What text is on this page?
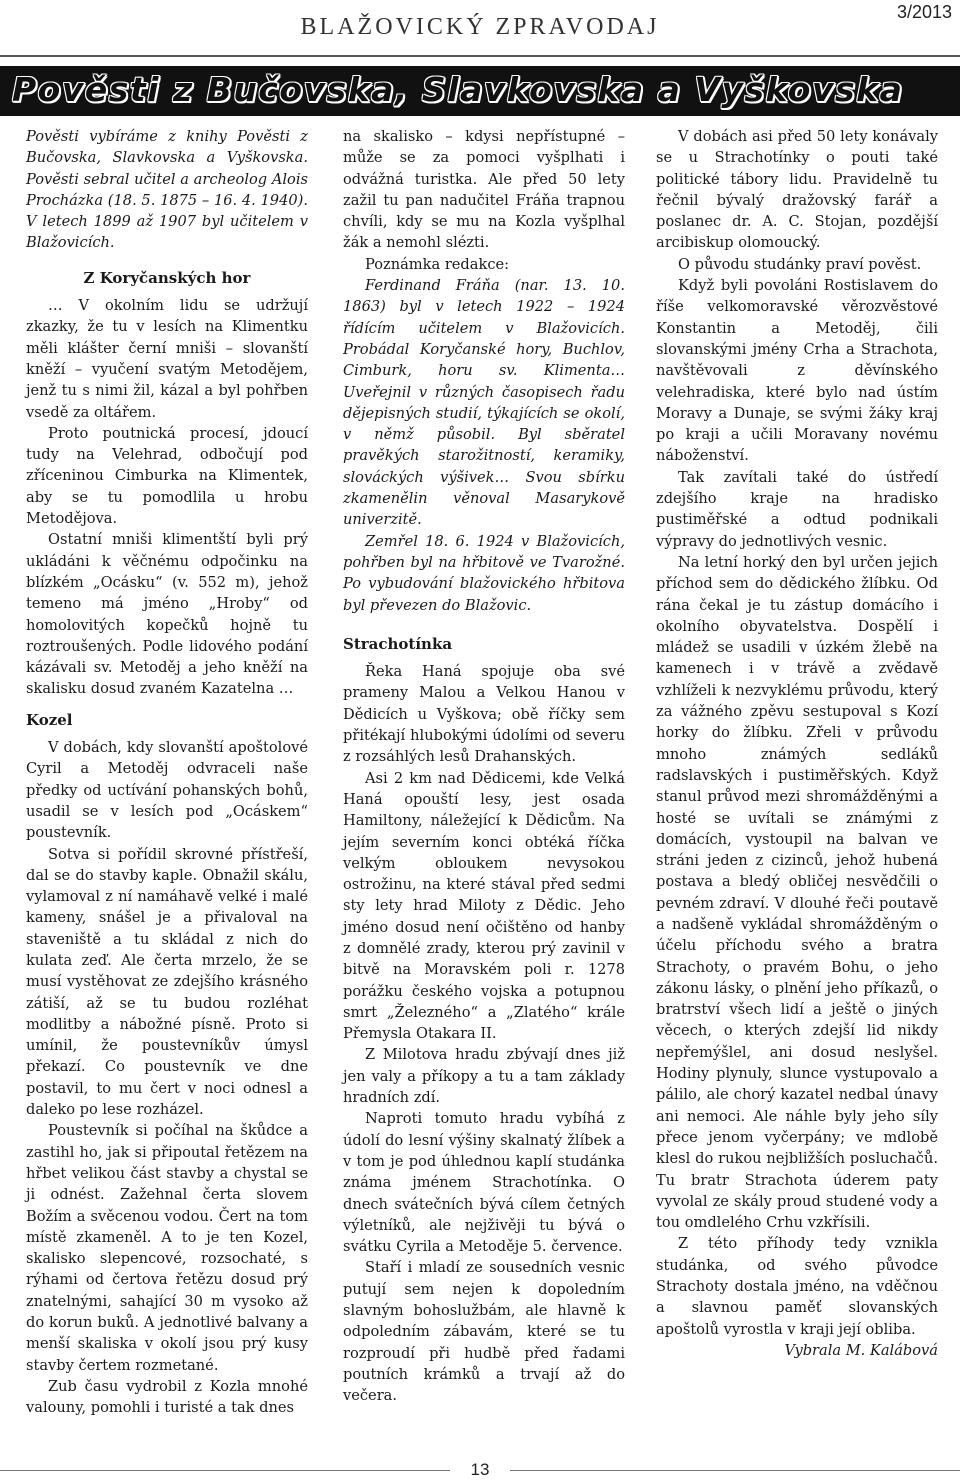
BLAŽOVICKÝ ZPRAVODAJ
3/2013
Pověsti z Bučovska, Slavkovska a Vyškovska

Pověsti vybíráme z knihy Pověsti z Bučovska, Slavkovska a Vyškovska. Pověsti sebral učitel a archeolog Alois Procházka (18. 5. 1875 – 16. 4. 1940). V letech 1899 až 1907 byl učitelem v Blažovicích.

Z Koryčanských hor

… V okolním lidu se udržují zkazky, že tu v lesích na Klimentku měli klášter černí mniši – slovanští kněží – vyučení svatým Metodějem, jenž tu s nimi žil, kázal a byl pohřben vsedě za oltářem.

Proto poutnická procesí, jdoucí tudy na Velehrad, odbočují pod zříceninou Cimburka na Klimentek, aby se tu pomodlila u hrobu Metodějova.

Ostatní mniši klimentští byli prý ukládáni k věčnému odpočinku na blízkém „Ocásku“ (v. 552 m), jehož temeno má jméno „Hroby“ od homolovitých kopečků hojně tu roztroušených. Podle lidového podání kázávali sv. Metoděj a jeho kněží na skalisku dosud zvaném Kazatelna …

Kozel

V dobách, kdy slovanští apoštolové Cyril a Metoděj odvraceli naše předky od uctívání pohanských bohů, usadil se v lesích pod „Ocáskem“ poustevník.

Sotva si pořídil skrovné přístřeší, dal se do stavby kaple. Obnažil skálu, vylamoval z ní namáhavě velké i malé kameny, snášel je a přivaloval na staveniště a tu skládal z nich do kulata zeď. Ale čerta mrzelo, že se musí vystěhovat ze zdejšího krásného zátiší, až se tu budou rozléhat modlitby a nábožné písně. Proto si umínil, že poustevníkův úmysl překazí. Co poustevník ve dne postavil, to mu čert v noci odnesl a daleko po lese rozházel.

Poustevník si počíhal na škůdce a zastihl ho, jak si připoutal řetězem na hřbet velikou část stavby a chystal se ji odnést. Zažehnal čerta slovem Božím a svěcenou vodou. Čert na tom místě zkameněl. A to je ten Kozel, skalisko slepencové, rozsochaté, s rýhami od čertova řetězu dosud prý znatelnými, sahající 30 m vysoko až do korun buků. A jednotlivé balvany a menší skaliska v okolí jsou prý kusy stavby čertem rozmetané.

Zub času vydrobil z Kozla mnohé valouny, pomohli i turisté a tak dnes

na skalisko – kdysi nepřístupné – může se za pomoci vyšplhati i odvážná turistka. Ale před 50 lety zažil tu pan nadučitel Fráňa trapnou chvíli, kdy se mu na Kozla vyšplhal žák a nemohl slézti.

Poznámka redakce:

Ferdinand Fráňa (nar. 13. 10. 1863) byl v letech 1922 – 1924 řídícím učitelem v Blažovicích. Probádal Koryčanské hory, Buchlov, Cimburk, horu sv. Klimenta… Uveřejnil v různých časopisech řadu dějepisných studií, týkajících se okolí, v němž působil. Byl sběratel pravěkých starožitností, keramiky, slováckých výšivek… Svou sbírku zkamenělin věnoval Masarykově univerzitě.

Zemřel 18. 6. 1924 v Blažovicích, pohřben byl na hřbitově ve Tvarožné. Po vybudování blažovického hřbitova byl převezen do Blažovic.

Strachotínka

Řeka Haná spojuje oba své prameny Malou a Velkou Hanou v Dědicích u Vyškova; obě říčky sem přitékají hlubokými údolími od severu z rozsáhlých lesů Drahanských.

Asi 2 km nad Dědicemi, kde Velká Haná opouští lesy, jest osada Hamiltony, náležející k Dědicům. Na jejím severním konci obtéká říčka velkým obloukem nevysokou ostrožinu, na které stával před sedmi sty lety hrad Miloty z Dědic. Jeho jméno dosud není očištěno od hanby z domnělé zrady, kterou prý zavinil v bitvě na Moravském poli r. 1278 porážku českého vojska a potupnou smrt „Železného“ a „Zlatého“ krále Přemysla Otakara II.

Z Milotova hradu zbývají dnes již jen valy a příkopy a tu a tam základy hradních zdí.

Naproti tomuto hradu vybíhá z údolí do lesní výšiny skalnatý žlíbek a v tom je pod úhlednou kaplí studánka známa jménem Strachotínka. O dnech svátečních bývá cílem četných výletníků, ale nejživěji tu bývá o svátku Cyrila a Metoděje 5. července.

Staří i mladí ze sousedních vesnic putují sem nejen k dopoledním slavným bohoslužbám, ale hlavně k odpoledním zábavám, které se tu rozproudí při hudbě před řadami poutních krámků a trvají až do večera.

V dobách asi před 50 lety konávaly se u Strachotínky o pouti také politické tábory lidu. Pravidelně tu řečnil bývalý dražovský farář a poslanec dr. A. C. Stojan, pozdější arcibiskup olomoucký.

O původu studánky praví pověst.

Když byli povoláni Rostislavem do říše velkomoravské věrozvěstové Konstantin a Metoděj, čili slovanskými jmény Crha a Strachota, navštěvovali z děvínského velehradiska, které bylo nad ústím Moravy a Dunaje, se svými žáky kraj po kraji a učili Moravany novému náboženství.

Tak zavítali také do ústředí zdejšího kraje na hradisko pustiměřské a odtud podnikali výpravy do jednotlivých vesnic.

Na letní horký den byl určen jejich příchod sem do dědického žlíbku. Od rána čekal je tu zástup domácího i okolního obyvatelstva. Dospělí i mládež se usadili v úzkém žlebě na kamenech i v trávě a zvědavě vzhlíželi k nezvyklému průvodu, který za vážného zpěvu sestupoval s Kozí horky do žlíbku. Zřeli v průvodu mnoho známých sedláků radslavských i pustiměřských. Když stanul průvod mezi shromážděnými a hosté se uvítali se známými z domácích, vystoupil na balvan ve stráni jeden z cizinců, jehož hubená postava a bledý obličej nesvědčili o pevném zdraví. V dlouhé řeči poutavě a nadšeně vykládal shromážděným o účelu příchodu svého a bratra Strachoty, o pravém Bohu, o jeho zákonu lásky, o plnění jeho příkazů, o bratrství všech lidí a ještě o jiných věcech, o kterých zdejší lid nikdy nepřemýšlel, ani dosud neslyšel. Hodiny plynuly, slunce vystupovalo a pálilo, ale chorý kazatel nedbal únavy ani nemoci. Ale náhle byly jeho síly přece jenom vyčerpány; ve mdlobě klesl do rukou nejbližších posluchačů. Tu bratr Strachota úderem paty vyvolal ze skály proud studené vody a tou omdlelého Crhu vzkřísili.

Z této příhody tedy vznikla studánka, od svého původce Strachoty dostala jméno, na vděčnou a slavnou paměť slovanských apoštolů vyrostla v kraji její obliba.

Vybrala M. Kalábová

13
